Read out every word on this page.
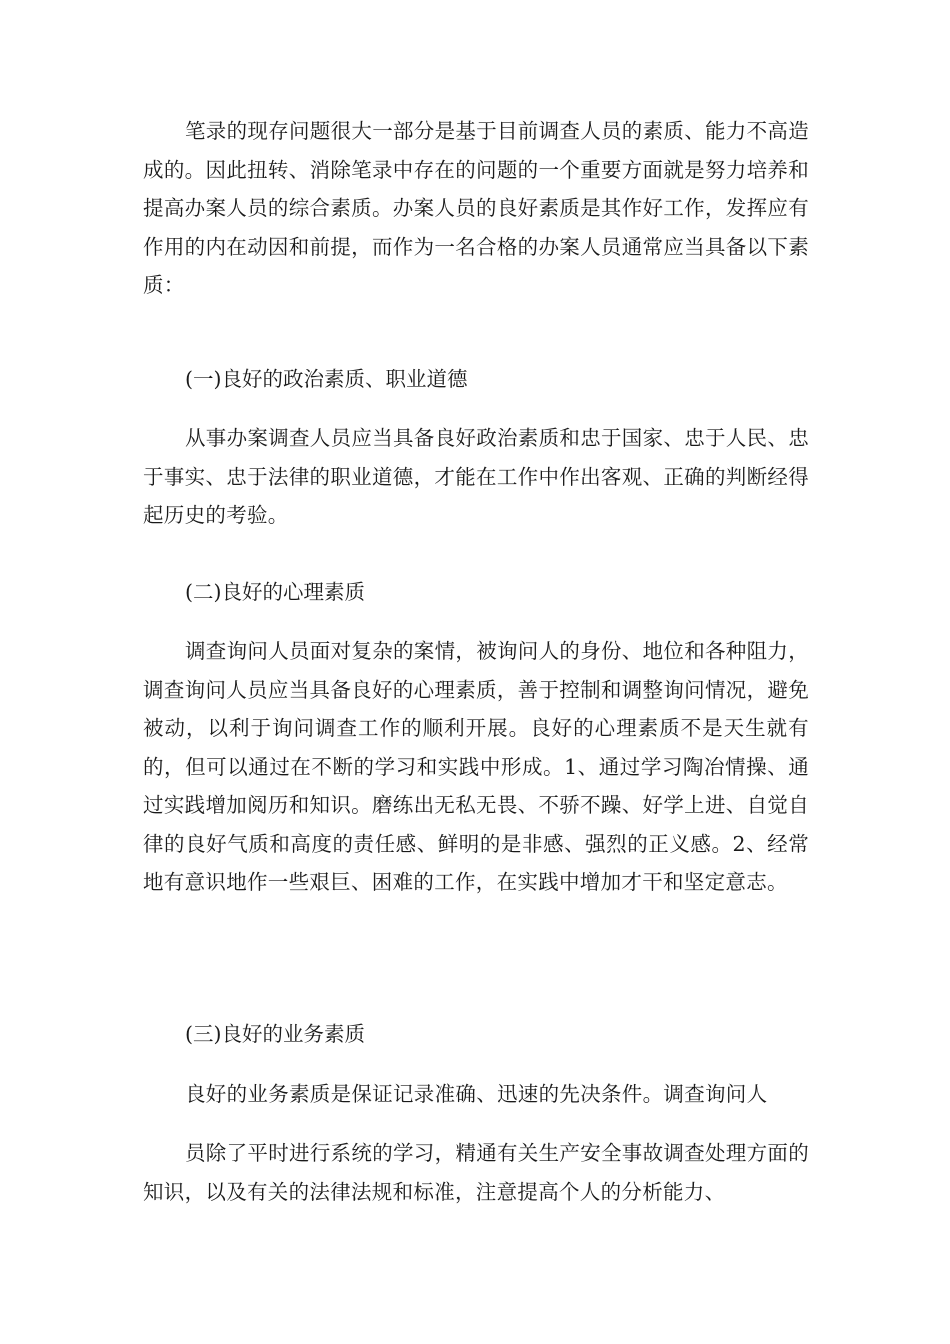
笔录的现存问题很大一部分是基于目前调查人员的素质、能力不高造成的。因此扭转、消除笔录中存在的问题的一个重要方面就是努力培养和提高办案人员的综合素质。办案人员的良好素质是其作好工作，发挥应有作用的内在动因和前提，而作为一名合格的办案人员通常应当具备以下素质：

(一)良好的政治素质、职业道德

从事办案调查人员应当具备良好政治素质和忠于国家、忠于人民、忠于事实、忠于法律的职业道德，才能在工作中作出客观、正确的判断经得起历史的考验。

(二)良好的心理素质

调查询问人员面对复杂的案情，被询问人的身份、地位和各种阻力，调查询问人员应当具备良好的心理素质，善于控制和调整询问情况，避免被动，以利于询问调查工作的顺利开展。良好的心理素质不是天生就有的，但可以通过在不断的学习和实践中形成。1、通过学习陶冶情操、通过实践增加阅历和知识。磨练出无私无畏、不骄不躁、好学上进、自觉自律的良好气质和高度的责任感、鲜明的是非感、强烈的正义感。2、经常地有意识地作一些艰巨、困难的工作，在实践中增加才干和坚定意志。

(三)良好的业务素质

良好的业务素质是保证记录准确、迅速的先决条件。调查询问人

员除了平时进行系统的学习，精通有关生产安全事故调查处理方面的知识，以及有关的法律法规和标准，注意提高个人的分析能力、
